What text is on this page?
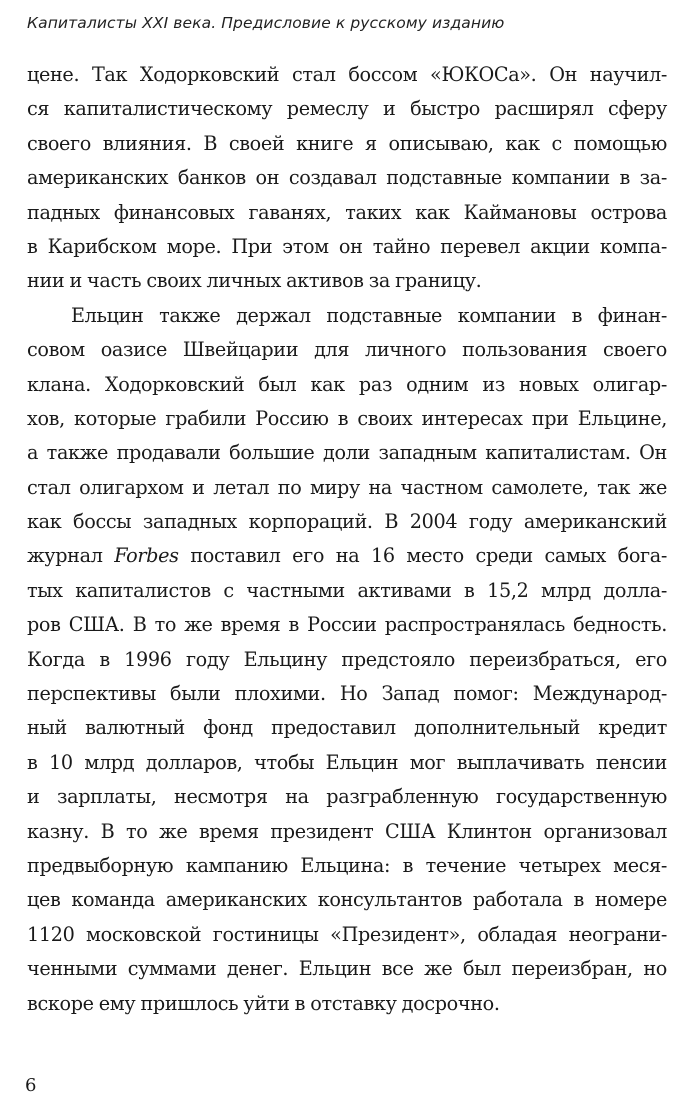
Капиталисты XXI века. Предисловие к русскому изданию
цене. Так Ходорковский стал боссом «ЮКОСа». Он научил-
ся капиталистическому ремеслу и быстро расширял сферу
своего влияния. В своей книге я описываю, как с помощью
американских банков он создавал подставные компании в за-
падных финансовых гаванях, таких как Каймановы острова
в Карибском море. При этом он тайно перевел акции компа-
нии и часть своих личных активов за границу.
Ельцин также держал подставные компании в финан-
совом оазисе Швейцарии для личного пользования своего
клана. Ходорковский был как раз одним из новых олигар-
хов, которые грабили Россию в своих интересах при Ельцине,
а также продавали большие доли западным капиталистам. Он
стал олигархом и летал по миру на частном самолете, так же
как боссы западных корпораций. В 2004 году американский
журнал Forbes поставил его на 16 место среди самых бога-
тых капиталистов с частными активами в 15,2 млрд долла-
ров США. В то же время в России распространялась бедность.
Когда в 1996 году Ельцину предстояло переизбраться, его
перспективы были плохими. Но Запад помог: Международ-
ный валютный фонд предоставил дополнительный кредит
в 10 млрд долларов, чтобы Ельцин мог выплачивать пенсии
и зарплаты, несмотря на разграбленную государственную
казну. В то же время президент США Клинтон организовал
предвыборную кампанию Ельцина: в течение четырех меся-
цев команда американских консультантов работала в номере
1120 московской гостиницы «Президент», обладая неограни-
ченными суммами денег. Ельцин все же был переизбран, но
вскоре ему пришлось уйти в отставку досрочно.
6
